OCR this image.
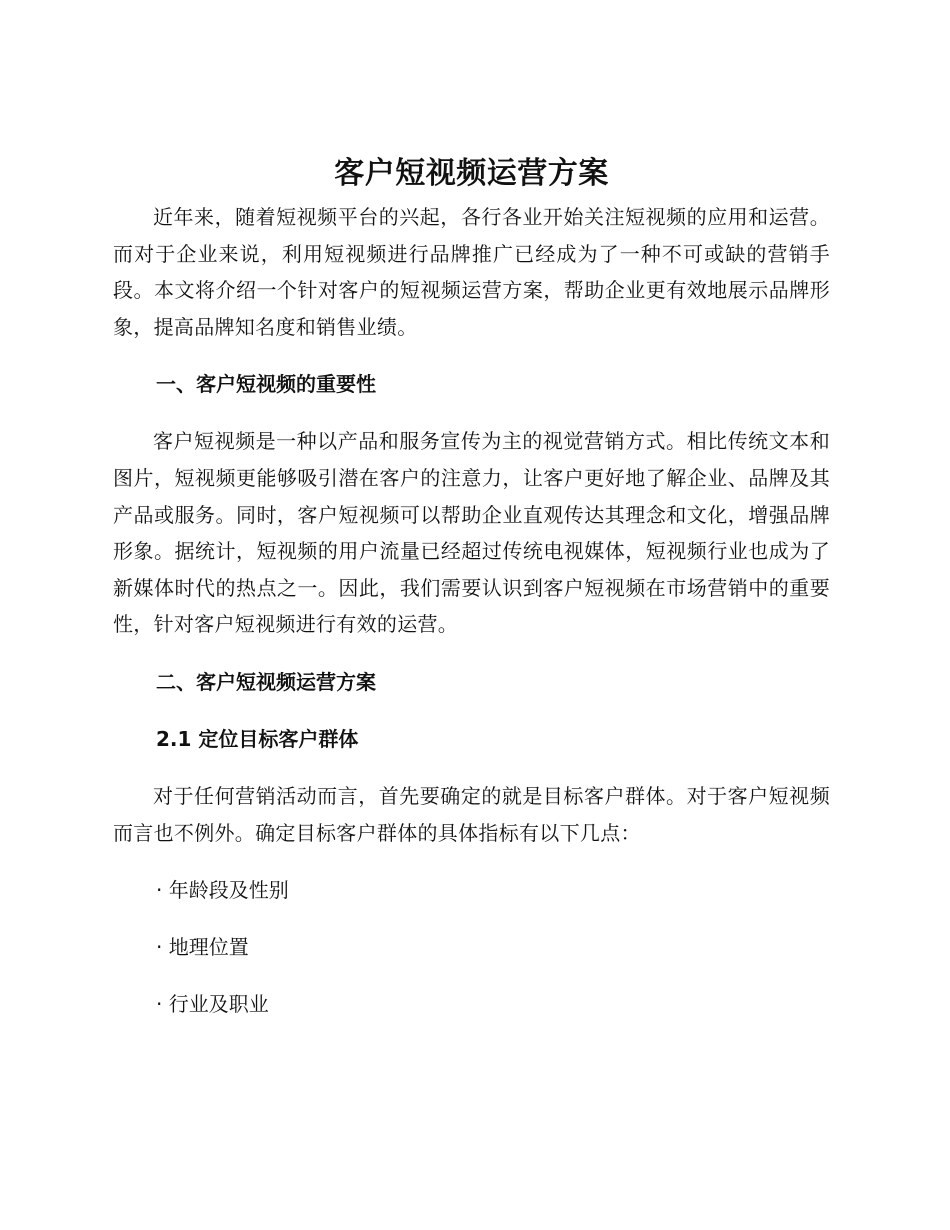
客户短视频运营方案

近年来，随着短视频平台的兴起，各行各业开始关注短视频的应用和运营。而对于企业来说，利用短视频进行品牌推广已经成为了一种不可或缺的营销手段。本文将介绍一个针对客户的短视频运营方案，帮助企业更有效地展示品牌形象，提高品牌知名度和销售业绩。

一、客户短视频的重要性

客户短视频是一种以产品和服务宣传为主的视觉营销方式。相比传统文本和图片，短视频更能够吸引潜在客户的注意力，让客户更好地了解企业、品牌及其产品或服务。同时，客户短视频可以帮助企业直观传达其理念和文化，增强品牌形象。据统计，短视频的用户流量已经超过传统电视媒体，短视频行业也成为了新媒体时代的热点之一。因此，我们需要认识到客户短视频在市场营销中的重要性，针对客户短视频进行有效的运营。

二、客户短视频运营方案
2.1 定位目标客户群体

对于任何营销活动而言，首先要确定的就是目标客户群体。对于客户短视频而言也不例外。确定目标客户群体的具体指标有以下几点：

· 年龄段及性别

· 地理位置

· 行业及职业
